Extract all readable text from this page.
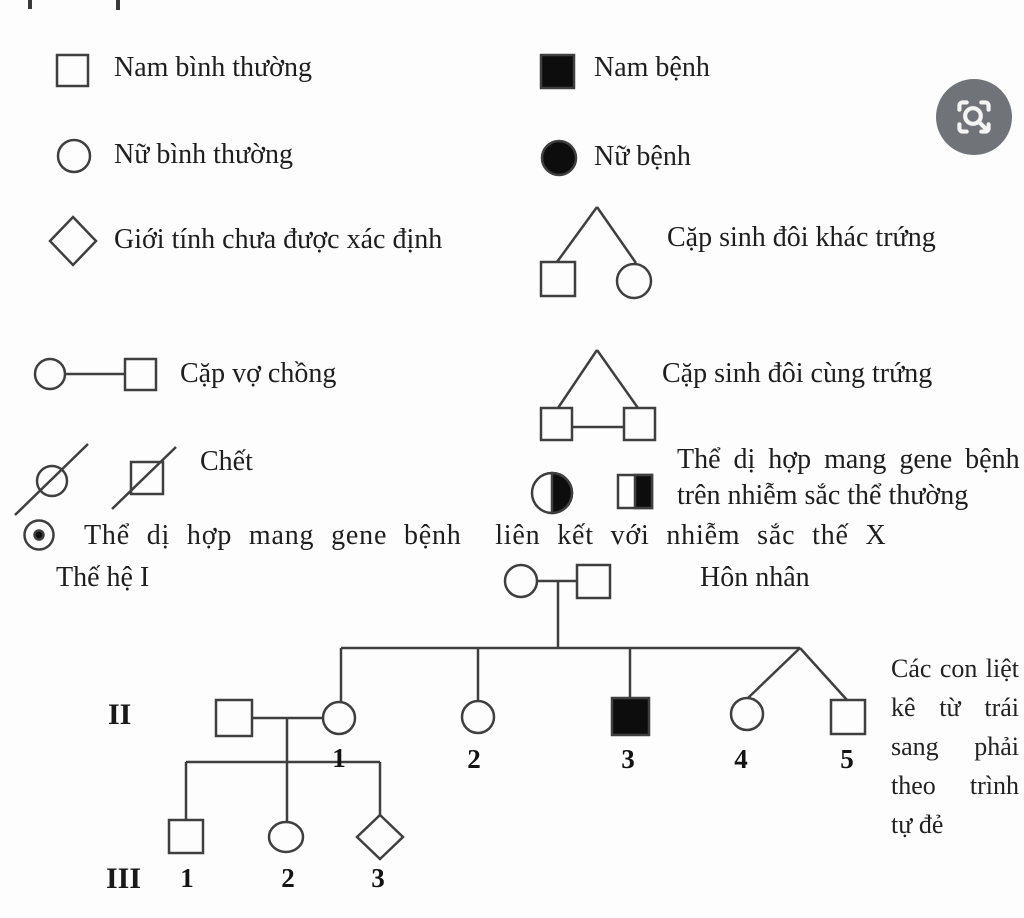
Nam bình thường	Nam bệnh
Nữ bình thường	Nữ bệnh
Giới tính chưa được xác định	Cặp sinh đôi khác trứng
Cặp vợ chồng	Cặp sinh đôi cùng trứng
Chết	Thể dị hợp mang gene bệnh
trên nhiễm sắc thể thường
Thể dị hợp mang gene bệnh  liên kết với nhiễm sắc thế X
Thế hệ I	Hôn nhân
II
III
1	2	3	4	5
1	2	3
Các con liệt kê từ trái sang phải theo trình tự đẻ
